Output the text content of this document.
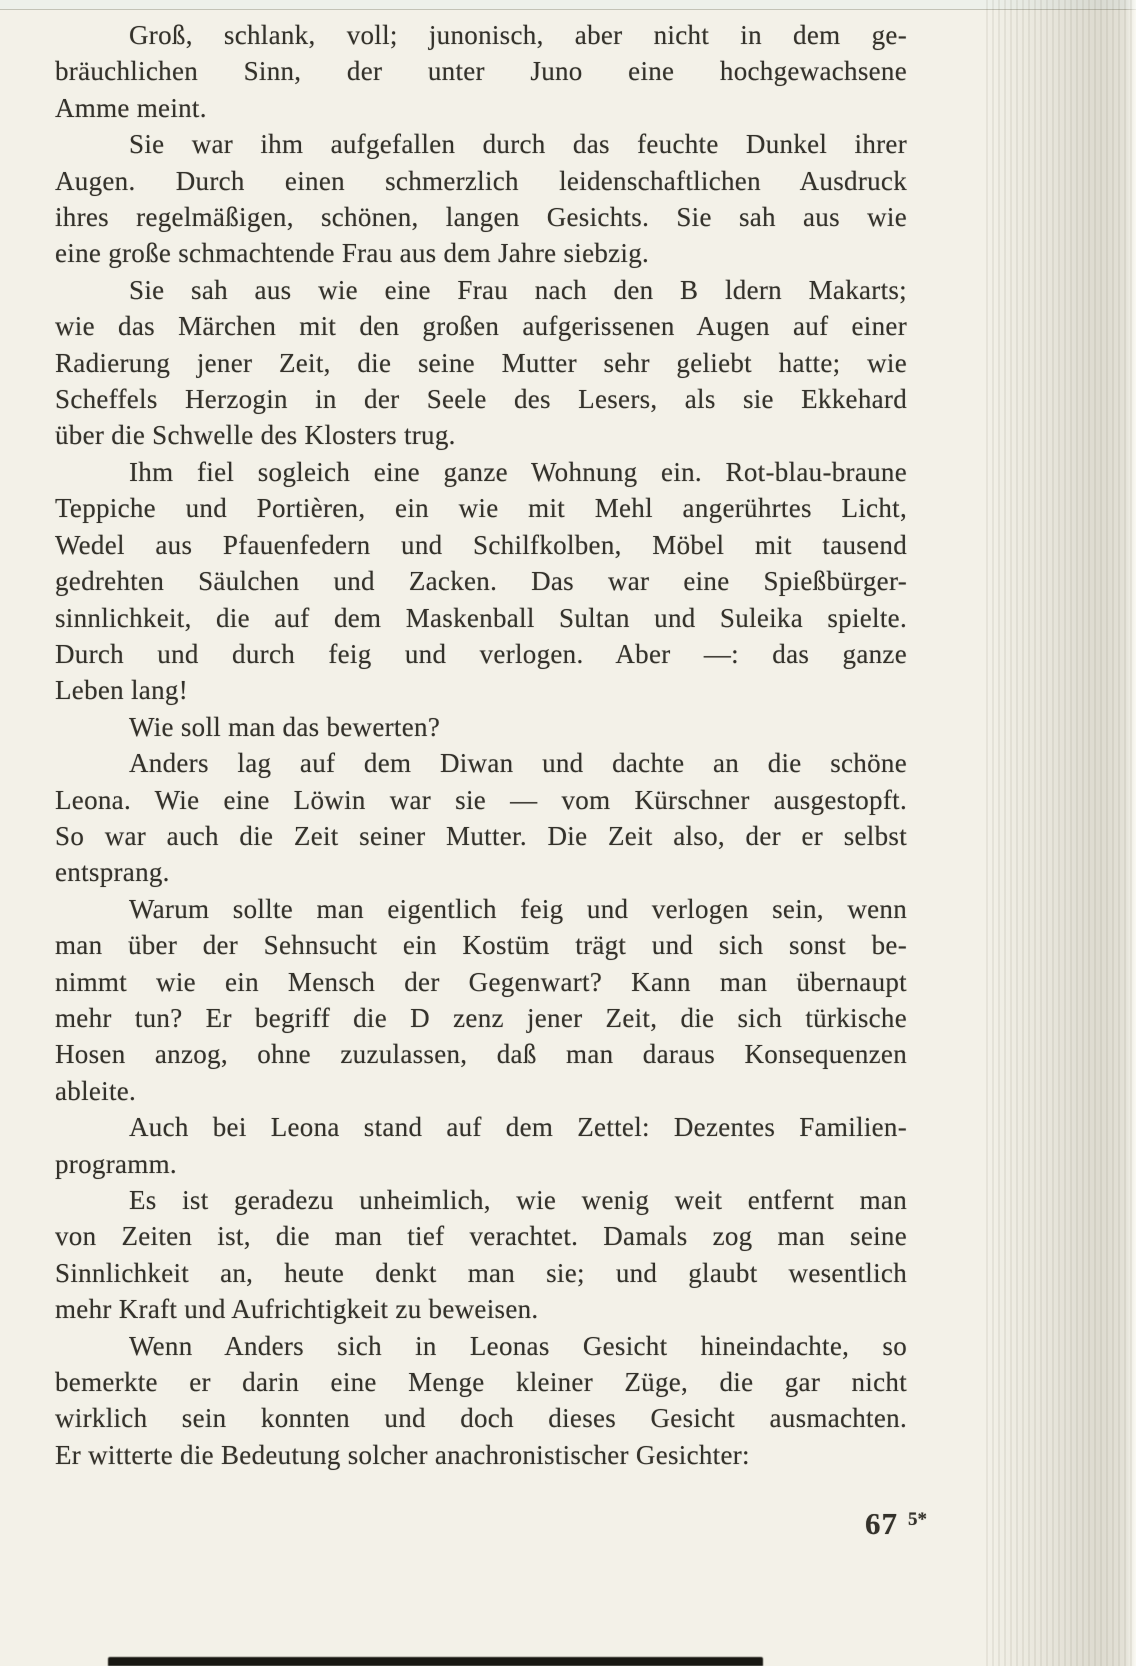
Groß, schlank, voll; junonisch, aber nicht in dem ge-
bräuchlichen Sinn, der unter Juno eine hochgewachsene
Amme meint.
Sie war ihm aufgefallen durch das feuchte Dunkel ihrer
Augen. Durch einen schmerzlich leidenschaftlichen Ausdruck
ihres regelmäßigen, schönen, langen Gesichts. Sie sah aus wie
eine große schmachtende Frau aus dem Jahre siebzig.
Sie sah aus wie eine Frau nach den B ldern Makarts;
wie das Märchen mit den großen aufgerissenen Augen auf einer
Radierung jener Zeit, die seine Mutter sehr geliebt hatte; wie
Scheffels Herzogin in der Seele des Lesers, als sie Ekkehard
über die Schwelle des Klosters trug.
Ihm fiel sogleich eine ganze Wohnung ein. Rot-blau-braune
Teppiche und Portièren, ein wie mit Mehl angerührtes Licht,
Wedel aus Pfauenfedern und Schilfkolben, Möbel mit tausend
gedrehten Säulchen und Zacken. Das war eine Spießbürger-
sinnlichkeit, die auf dem Maskenball Sultan und Suleika spielte.
Durch und durch feig und verlogen. Aber —: das ganze
Leben lang!
Wie soll man das bewerten?
Anders lag auf dem Diwan und dachte an die schöne
Leona. Wie eine Löwin war sie — vom Kürschner ausgestopft.
So war auch die Zeit seiner Mutter. Die Zeit also, der er selbst
entsprang.
Warum sollte man eigentlich feig und verlogen sein, wenn
man über der Sehnsucht ein Kostüm trägt und sich sonst be-
nimmt wie ein Mensch der Gegenwart? Kann man übernaupt
mehr tun? Er begriff die D zenz jener Zeit, die sich türkische
Hosen anzog, ohne zuzulassen, daß man daraus Konsequenzen
ableite.
Auch bei Leona stand auf dem Zettel: Dezentes Familien-
programm.
Es ist geradezu unheimlich, wie wenig weit entfernt man
von Zeiten ist, die man tief verachtet. Damals zog man seine
Sinnlichkeit an, heute denkt man sie; und glaubt wesentlich
mehr Kraft und Aufrichtigkeit zu beweisen.
Wenn Anders sich in Leonas Gesicht hineindachte, so
bemerkte er darin eine Menge kleiner Züge, die gar nicht
wirklich sein konnten und doch dieses Gesicht ausmachten.
Er witterte die Bedeutung solcher anachronistischer Gesichter:
67 $^{5*}$
